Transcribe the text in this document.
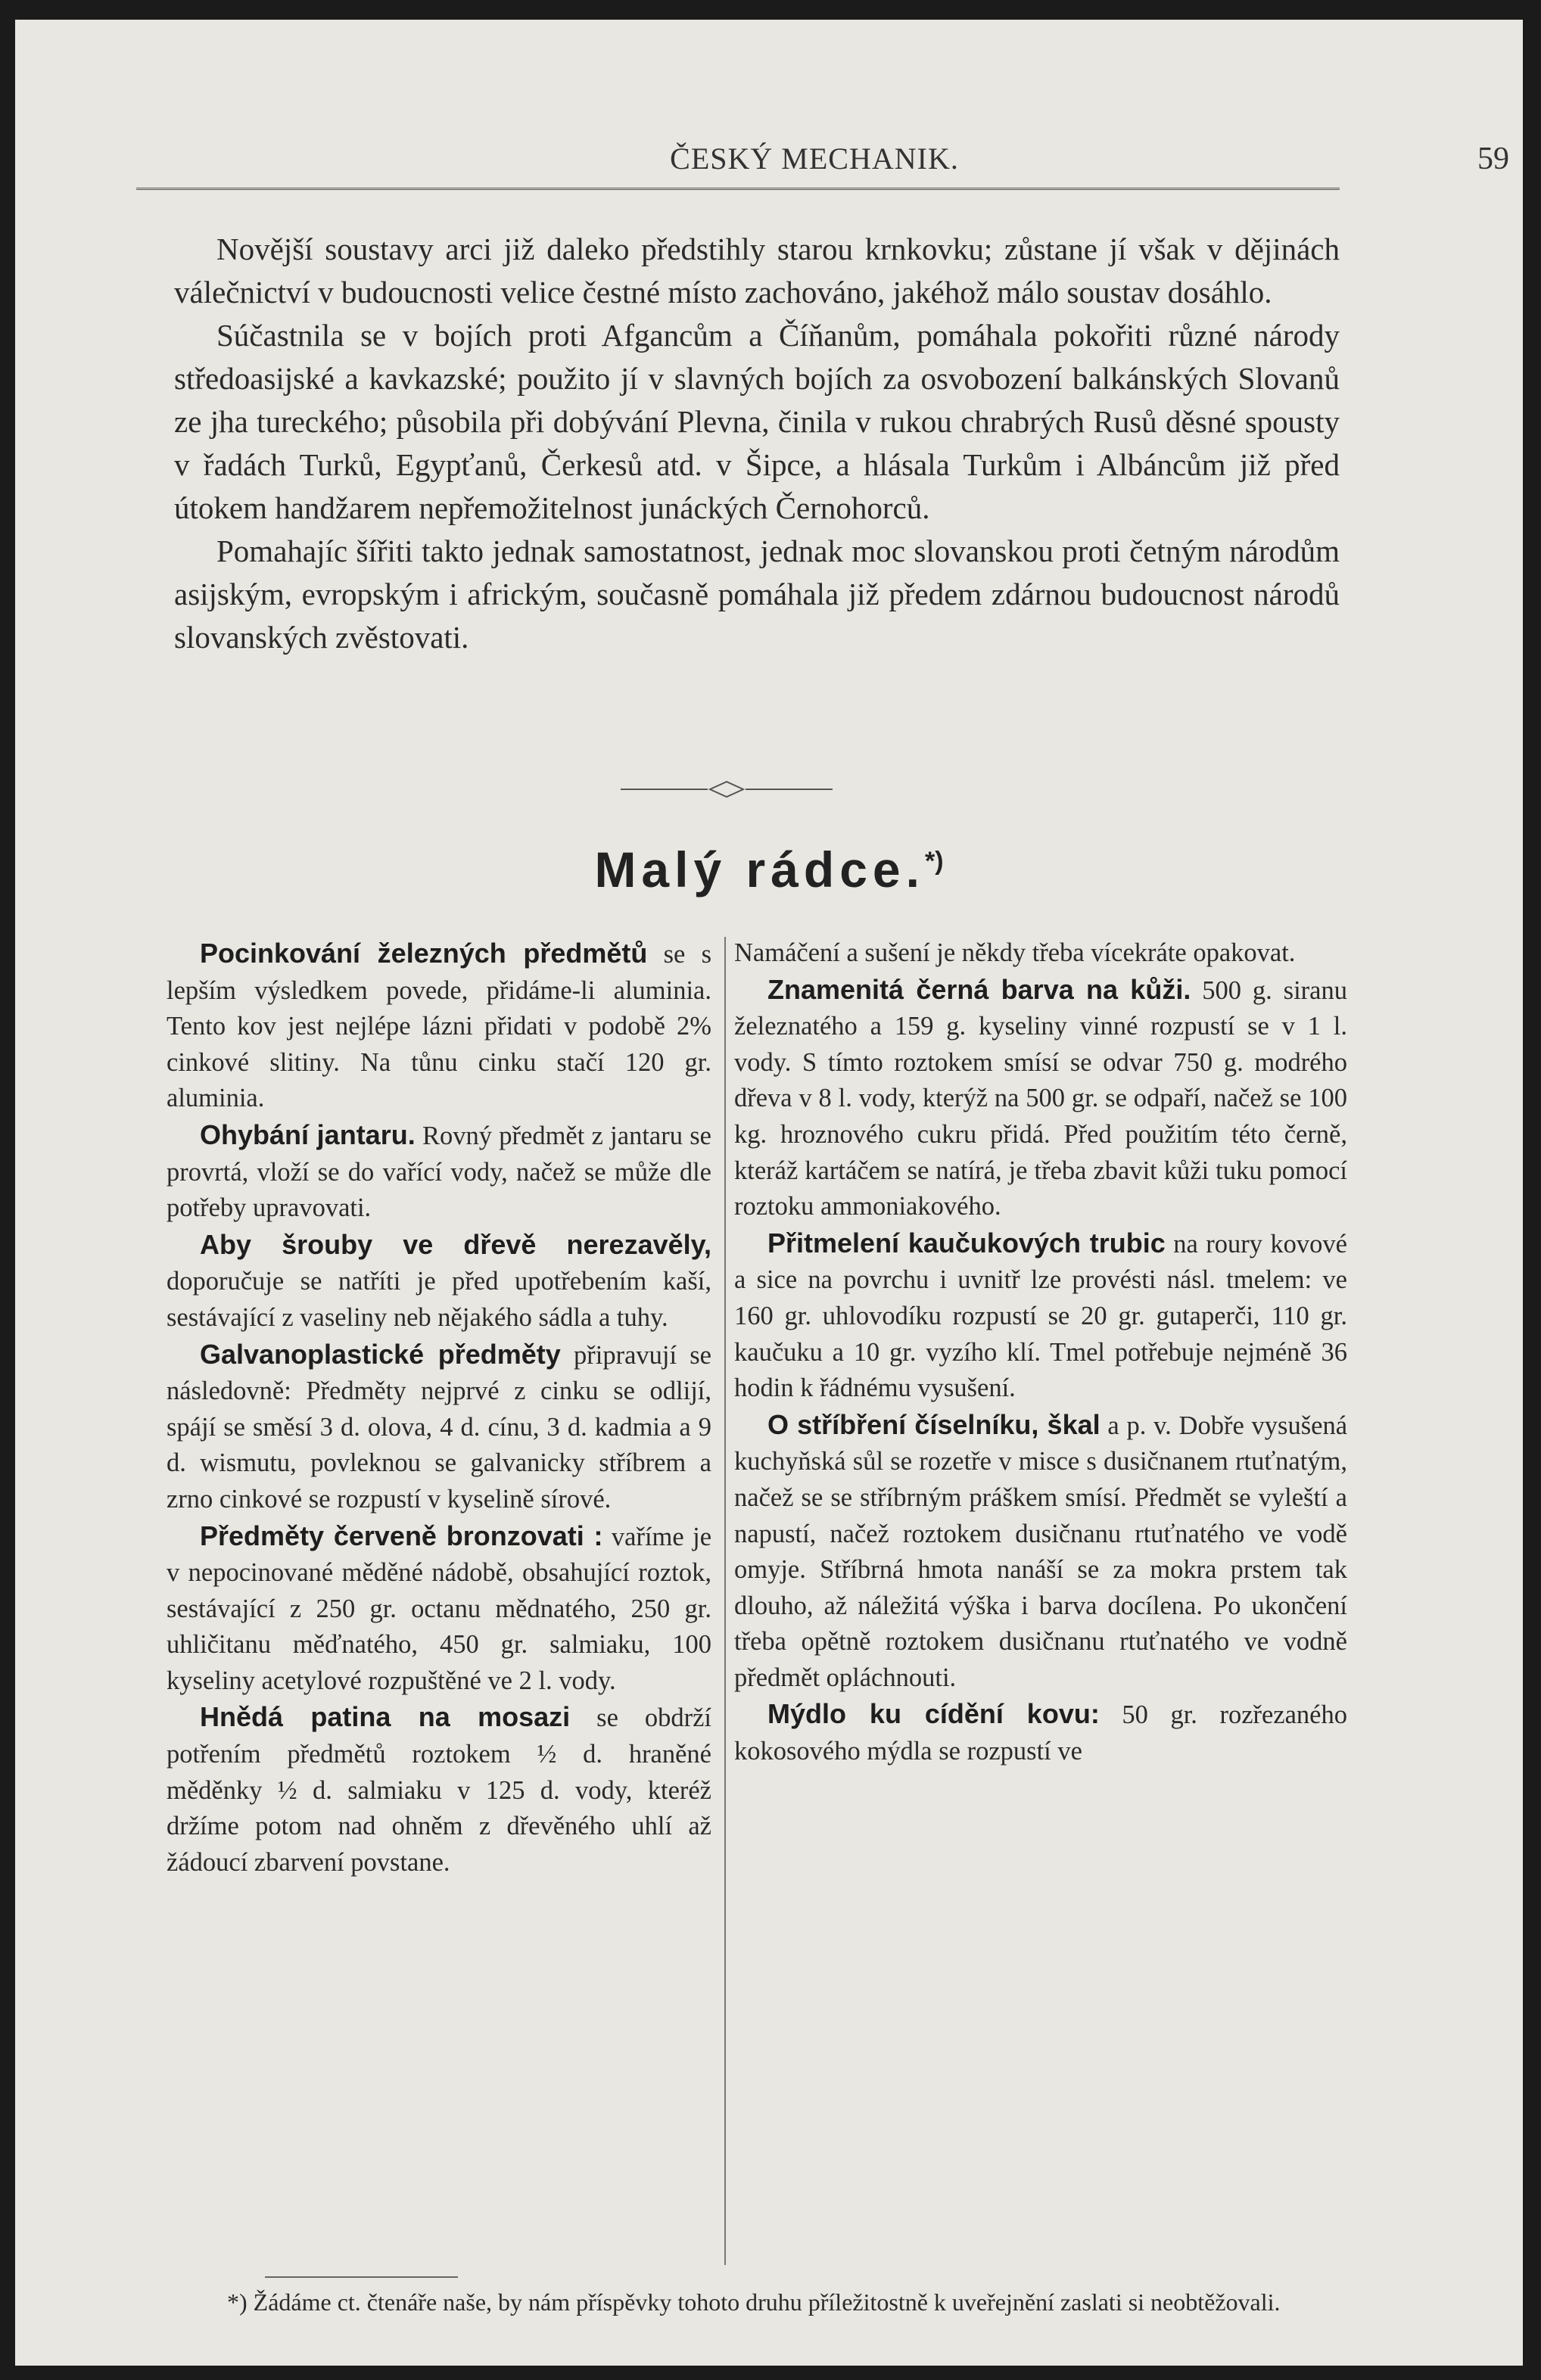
ČESKÝ MECHANIK.	59

Novější soustavy arci již daleko předstihly starou krnkovku; zůstane jí však v dějinách válečnictví v budoucnosti velice čestné místo zachováno, jakéhož málo soustav dosáhlo.

Súčastnila se v bojích proti Afgancům a Číňanům, pomáhala pokořiti různé národy středoasijské a kavkazské; použito jí v slavných bojích za osvobození balkánských Slovanů ze jha tureckého; působila při dobývání Plevna, činila v rukou chrabrých Rusů děsné spousty v řadách Turků, Egypťanů, Čerkesů atd. v Šipce, a hlásala Turkům i Albáncům již před útokem handžarem nepřemožitelnost junáckých Černohorců.

Pomahajíc šířiti takto jednak samostatnost, jednak moc slovanskou proti četným národům asijským, evropským i africkým, současně pomáhala již předem zdárnou budoucnost národů slovanských zvěstovati.

Malý rádce.*)

Pocinkování železných předmětů se s lepším výsledkem povede, přidáme-li aluminia. Tento kov jest nejlépe lázni přidati v podobě 2% cinkové slitiny. Na tůnu cinku stačí 120 gr. aluminia.

Ohybání jantaru. Rovný předmět z jantaru se provrtá, vloží se do vařící vody, načež se může dle potřeby upravovati.

Aby šrouby ve dřevě nerezavěly, doporučuje se natříti je před upotřebením kaší, sestávající z vaseliny neb nějakého sádla a tuhy.

Galvanoplastické předměty připravují se následovně: Předměty nejprvé z cinku se odlijí, spájí se směsí 3 d. olova, 4 d. cínu, 3 d. kadmia a 9 d. wismutu, povleknou se galvanicky stříbrem a zrno cinkové se rozpustí v kyselině sírové.

Předměty červeně bronzovati : vaříme je v nepocinované měděné nádobě, obsahující roztok, sestávající z 250 gr. octanu mědnatého, 250 gr. uhličitanu měďnatého, 450 gr. salmiaku, 100 kyseliny acetylové rozpuštěné ve 2 l. vody.

Hnědá patina na mosazi se obdrží potřením předmětů roztokem ½ d. hraněné měděnky ½ d. salmiaku v 125 d. vody, kteréž držíme potom nad ohněm z dřevěného uhlí až žádoucí zbarvení povstane.

Namáčení a sušení je někdy třeba vícekráte opakovat.

Znamenitá černá barva na kůži. 500 g. siranu železnatého a 159 g. kyseliny vinné rozpustí se v 1 l. vody. S tímto roztokem smísí se odvar 750 g. modrého dřeva v 8 l. vody, kterýž na 500 gr. se odpaří, načež se 100 kg. hroznového cukru přidá. Před použitím této černě, kteráž kartáčem se natírá, je třeba zbavit kůži tuku pomocí roztoku ammoniakového.

Přitmelení kaučukových trubic na roury kovové a sice na povrchu i uvnitř lze provésti násl. tmelem: ve 160 gr. uhlovodíku rozpustí se 20 gr. gutaperči, 110 gr. kaučuku a 10 gr. vyzího klí. Tmel potřebuje nejméně 36 hodin k řádnému vysušení.

O stříbření číselníku, škal a p. v. Dobře vysušená kuchyňská sůl se rozetře v misce s dusičnanem rtuťnatým, načež se se stříbrným práškem smísí. Předmět se vyleští a napustí, načež roztokem dusičnanu rtuťnatého ve vodě omyje. Stříbrná hmota nanáší se za mokra prstem tak dlouho, až náležitá výška i barva docílena. Po ukončení třeba opětně roztokem dusičnanu rtuťnatého ve vodně předmět opláchnouti.

Mýdlo ku cídění kovu: 50 gr. rozřezaného kokosového mýdla se rozpustí ve

*) Žádáme ct. čtenáře naše, by nám příspěvky tohoto druhu příležitostně k uveřejnění zaslati si neobtěžovali.
